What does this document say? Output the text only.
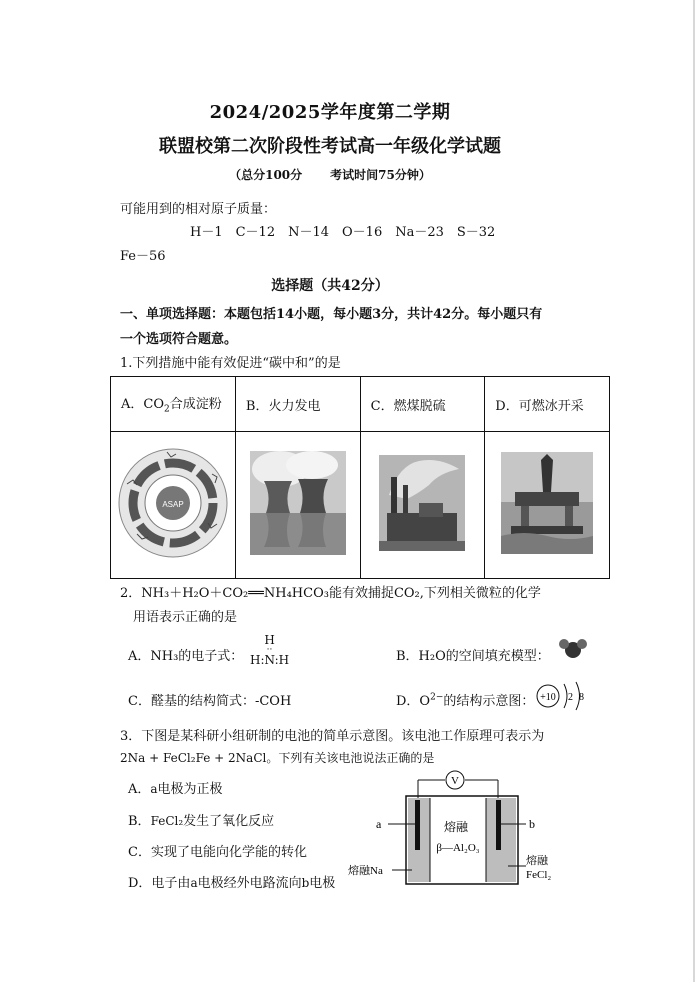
2024/2025学年度第二学期
联盟校第二次阶段性考试高一年级化学试题
（总分100分 考试时间75分钟）
可能用到的相对原子质量：
H－1　C－12　N－14　O－16　Na－23　S－32
Fe－56
选择题（共42分）
一、单项选择题：本题包括14小题，每小题3分，共计42分。每小题只有
一个选项符合题意。
1.下列措施中能有效促进“碳中和”的是
A．$CO_2$合成淀粉	B．火力发电	C．燃煤脱硫	D．可燃冰开采

ASAP

2．NH₃＋H₂O＋CO₂══NH₄HCO₃能有效捕捉CO₂,下列相关微粒的化学
用语表示正确的是
A．NH₃的电子式：
H
··
H:N:H	B．H₂O的空间填充模型：
C．醛基的结构简式：-COH	D．$O^{2-}$的结构示意图： +10 2 8
3．下图是某科研小组研制的电池的简单示意图。该电池工作原理可表示为
2Na + FeCl₂Fe + 2NaCl。下列有关该电池说法正确的是
A．a电极为正极
B．FeCl₂发生了氧化反应
C．实现了电能向化学能的转化
D．电子由a电极经外电路流向b电极
V
熔融
β—Al₂O₃
a	b
熔融Na
熔融
FeCl₂
